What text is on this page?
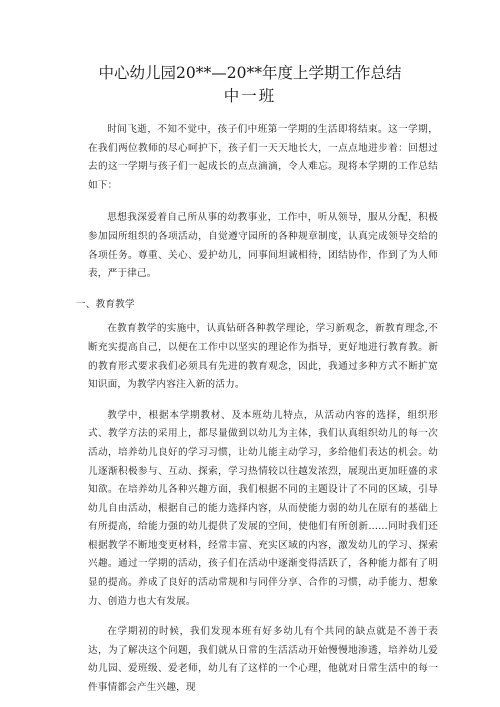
中心幼儿园20**—20**年度上学期工作总结
中一班

时间飞逝，不知不觉中，孩子们中班第一学期的生活即将结束。这一学期，在我们两位教师的尽心呵护下，孩子们一天天地长大，一点点地进步着：回想过去的这一学期与孩子们一起成长的点点滴滴，令人难忘。现将本学期的工作总结如下：

思想我深爱着自己所从事的幼教事业，工作中，听从领导，服从分配，积极参加园所组织的各项活动，自觉遵守园所的各种规章制度，认真完成领导交给的各项任务。尊重、关心、爱护幼儿，同事间坦诚相待，团结协作，作到了为人师表，严于律己。

一、教育教学

在教育教学的实施中，认真钻研各种教学理论，学习新观念，新教育理念,不断充实提高自己，以便在工作中以坚实的理论作为指导，更好地进行教育教。新的教育形式要求我们必须具有先进的教育观念，因此，我通过多种方式不断扩宽知识面，为教学内容注入新的活力。

教学中，根据本学期教材、及本班幼儿特点，从活动内容的选择，组织形式、教学方法的采用上，都尽量做到以幼儿为主体，我们认真组织幼儿的每一次活动，培养幼儿良好的学习习惯，让幼儿能主动学习，多给他们表达的机会。幼儿逐渐积极参与、互动、探索，学习热情较以往越发浓烈，展现出更加旺盛的求知欲。在培养幼儿各种兴趣方面，我们根据不同的主题设计了不同的区域，引导幼儿自由活动，根据自己的能力选择内容，从而使能力弱的幼儿在原有的基础上有所提高，给能力强的幼儿提供了发展的空间，使他们有所创新……同时我们还根据教学不断地变更材料，经常丰富、充实区域的内容，激发幼儿的学习、探索兴趣。通过一学期的活动，孩子们在活动中逐渐变得活跃了，各种能力都有了明显的提高。养成了良好的活动常规和与同伴分享、合作的习惯，动手能力、想象力、创造力也大有发展。

在学期初的时候，我们发现本班有好多幼儿有个共同的缺点就是不善于表达，为了解决这个问题，我们就从日常的生活活动开始慢慢地渗透，培养幼儿爱幼儿园、爱班级、爱老师，幼儿有了这样的一个心理，他就对日常生活中的每一件事情都会产生兴趣，现
